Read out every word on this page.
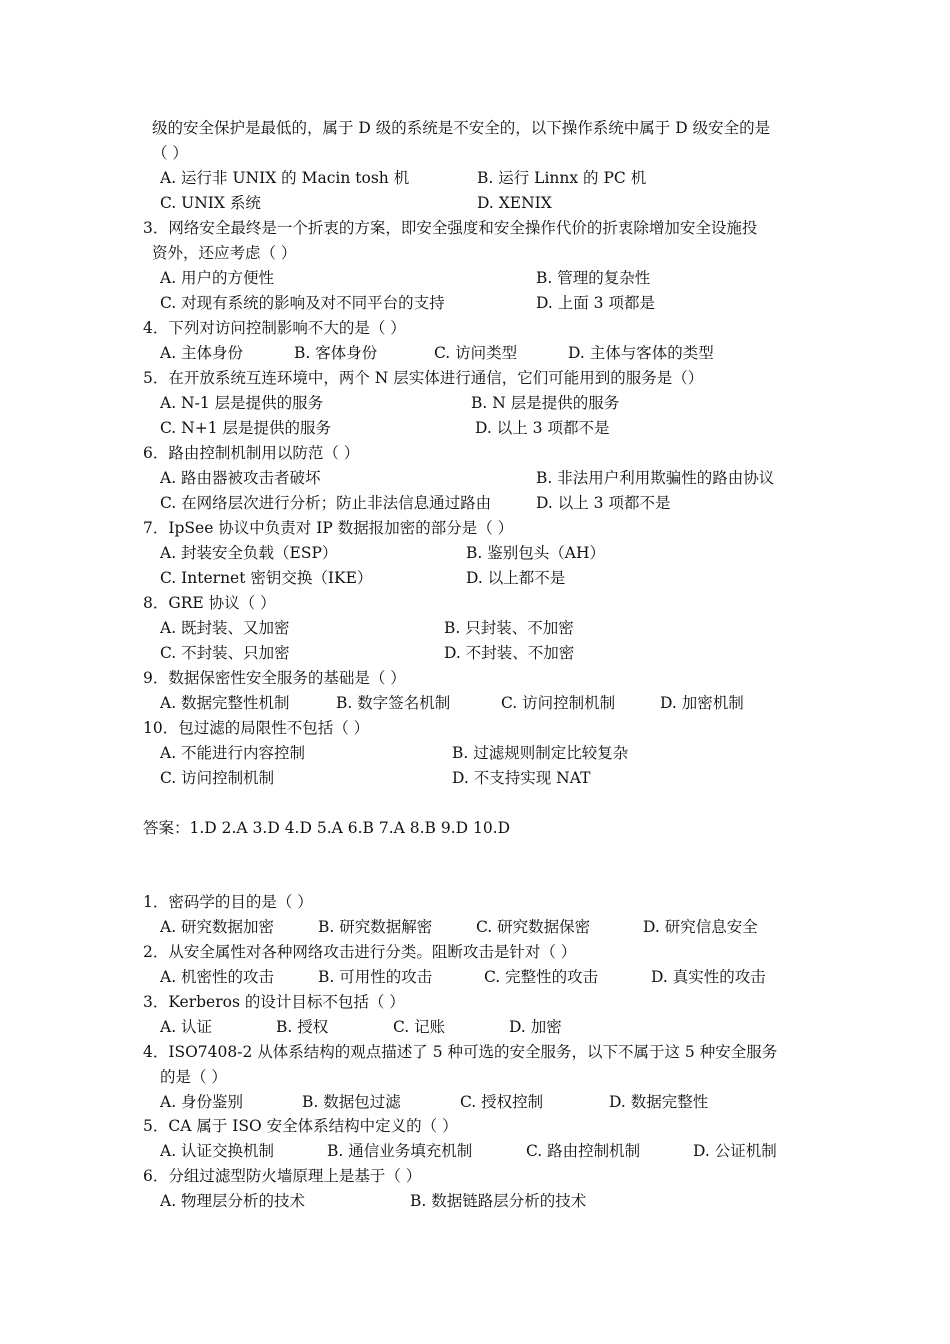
级的安全保护是最低的，属于 D 级的系统是不安全的，以下操作系统中属于 D 级安全的是
（ ）
A. 运行非 UNIX 的 Macin tosh 机	B. 运行 Linnx 的 PC 机
C. UNIX 系统	D. XENIX
3．网络安全最终是一个折衷的方案，即安全强度和安全操作代价的折衷除增加安全设施投
资外，还应考虑（ ）
A. 用户的方便性	B. 管理的复杂性
C. 对现有系统的影响及对不同平台的支持	D. 上面 3 项都是
4．下列对访问控制影响不大的是（ ）
A. 主体身份	B. 客体身份	C. 访问类型	D. 主体与客体的类型
5．在开放系统互连环境中，两个 N 层实体进行通信，它们可能用到的服务是（）
A. N-1 层是提供的服务	B. N 层是提供的服务
C. N+1 层是提供的服务	D. 以上 3 项都不是
6．路由控制机制用以防范（ ）
A. 路由器被攻击者破坏	B. 非法用户利用欺骗性的路由协议
C. 在网络层次进行分析；防止非法信息通过路由	D. 以上 3 项都不是
7．IpSee 协议中负责对 IP 数据报加密的部分是（ ）
A. 封装安全负载（ESP）	B. 鉴别包头（AH）
C. Internet 密钥交换（IKE）	D. 以上都不是
8．GRE 协议（ ）
A. 既封装、又加密	B. 只封装、不加密
C. 不封装、只加密	D. 不封装、不加密
9．数据保密性安全服务的基础是（ ）
A. 数据完整性机制	B. 数字签名机制	C. 访问控制机制	D. 加密机制
10．包过滤的局限性不包括（ ）
A. 不能进行内容控制	B. 过滤规则制定比较复杂
C. 访问控制机制	D. 不支持实现 NAT
答案：1.D 2.A 3.D 4.D 5.A 6.B 7.A 8.B 9.D 10.D
1．密码学的目的是（ ）
A. 研究数据加密	B. 研究数据解密	C. 研究数据保密	D. 研究信息安全
2．从安全属性对各种网络攻击进行分类。阻断攻击是针对（ ）
A. 机密性的攻击	B. 可用性的攻击	C. 完整性的攻击	D. 真实性的攻击
3．Kerberos 的设计目标不包括（ ）
A. 认证	B. 授权	C. 记账	D. 加密
4．ISO7408-2 从体系结构的观点描述了 5 种可选的安全服务，以下不属于这 5 种安全服务
的是（ ）
A. 身份鉴别	B. 数据包过滤	C. 授权控制	D. 数据完整性
5．CA 属于 ISO 安全体系结构中定义的（ ）
A. 认证交换机制	B. 通信业务填充机制	C. 路由控制机制	D. 公证机制
6．分组过滤型防火墙原理上是基于（ ）
A. 物理层分析的技术	B. 数据链路层分析的技术
